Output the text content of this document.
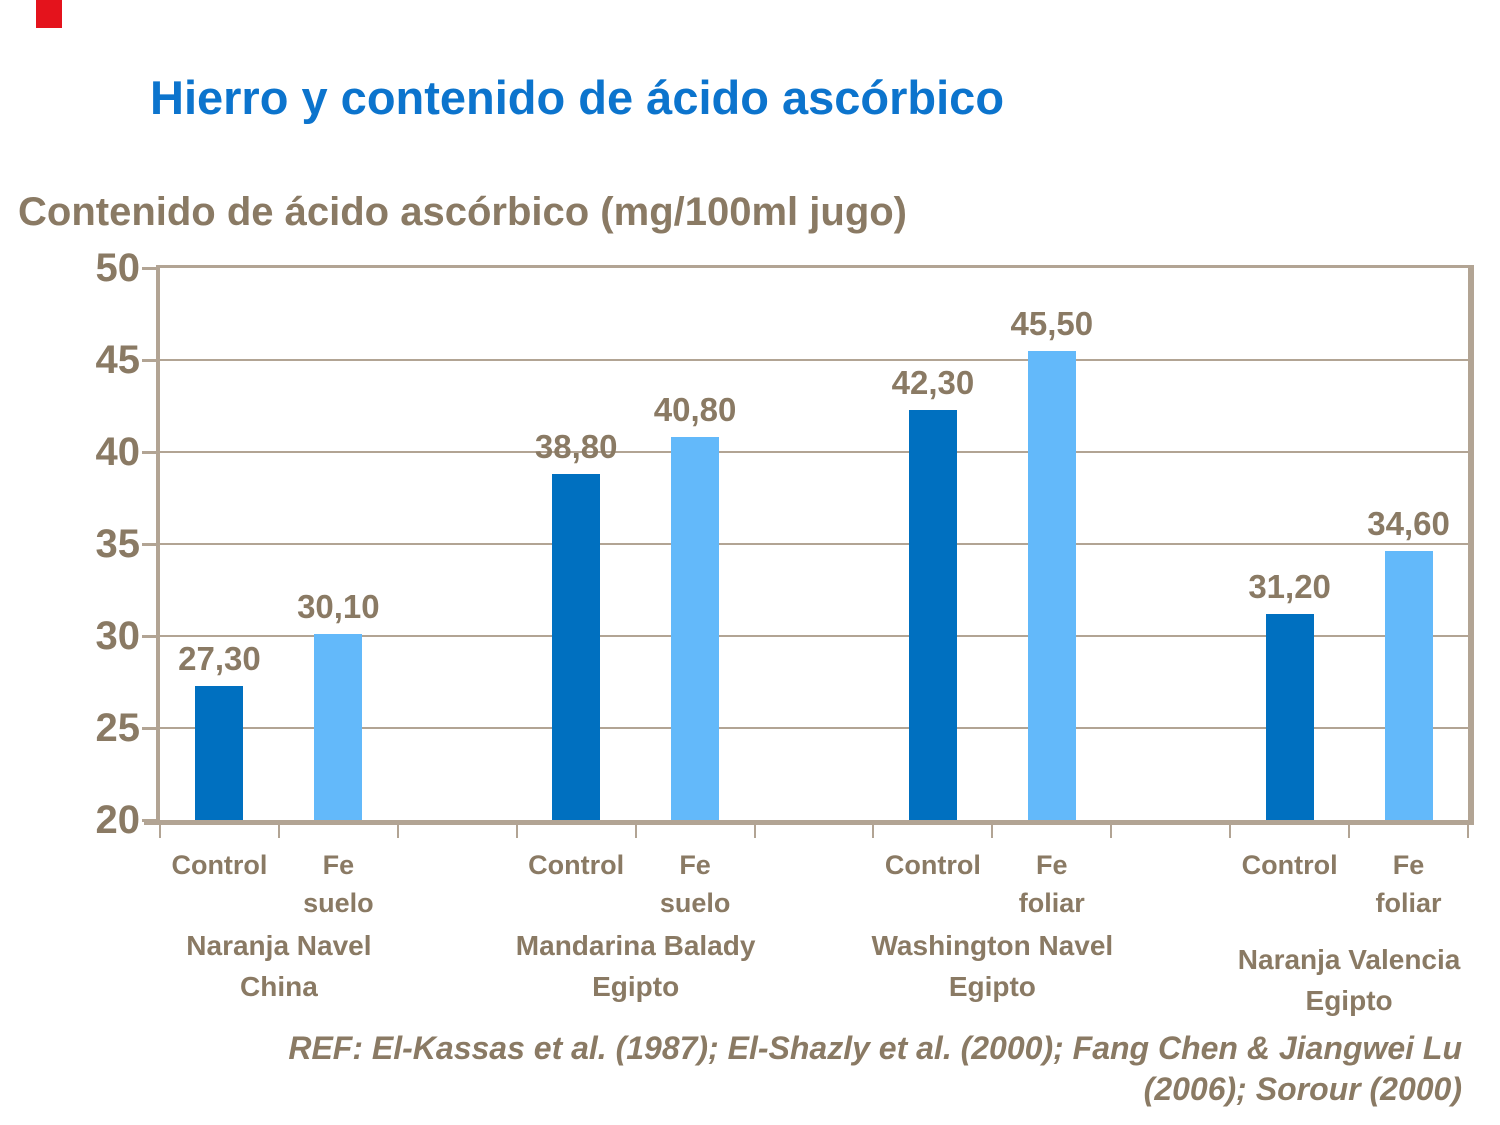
Hierro y contenido de ácido ascórbico
Contenido de ácido ascórbico (mg/100ml jugo)
27,30
30,10
38,80
40,80
42,30
45,50
31,20
34,60
20
25
30
35
40
45
50
Control	Fe
suelo
Control	Fe
suelo
Control	Fe
foliar
Control	Fe
foliar
Naranja Navel
China
Mandarina Balady
Egipto
Washington Navel
Egipto
Naranja Valencia
Egipto
REF: El-Kassas et al. (1987); El-Shazly et al. (2000); Fang Chen & Jiangwei Lu
(2006); Sorour (2000)
